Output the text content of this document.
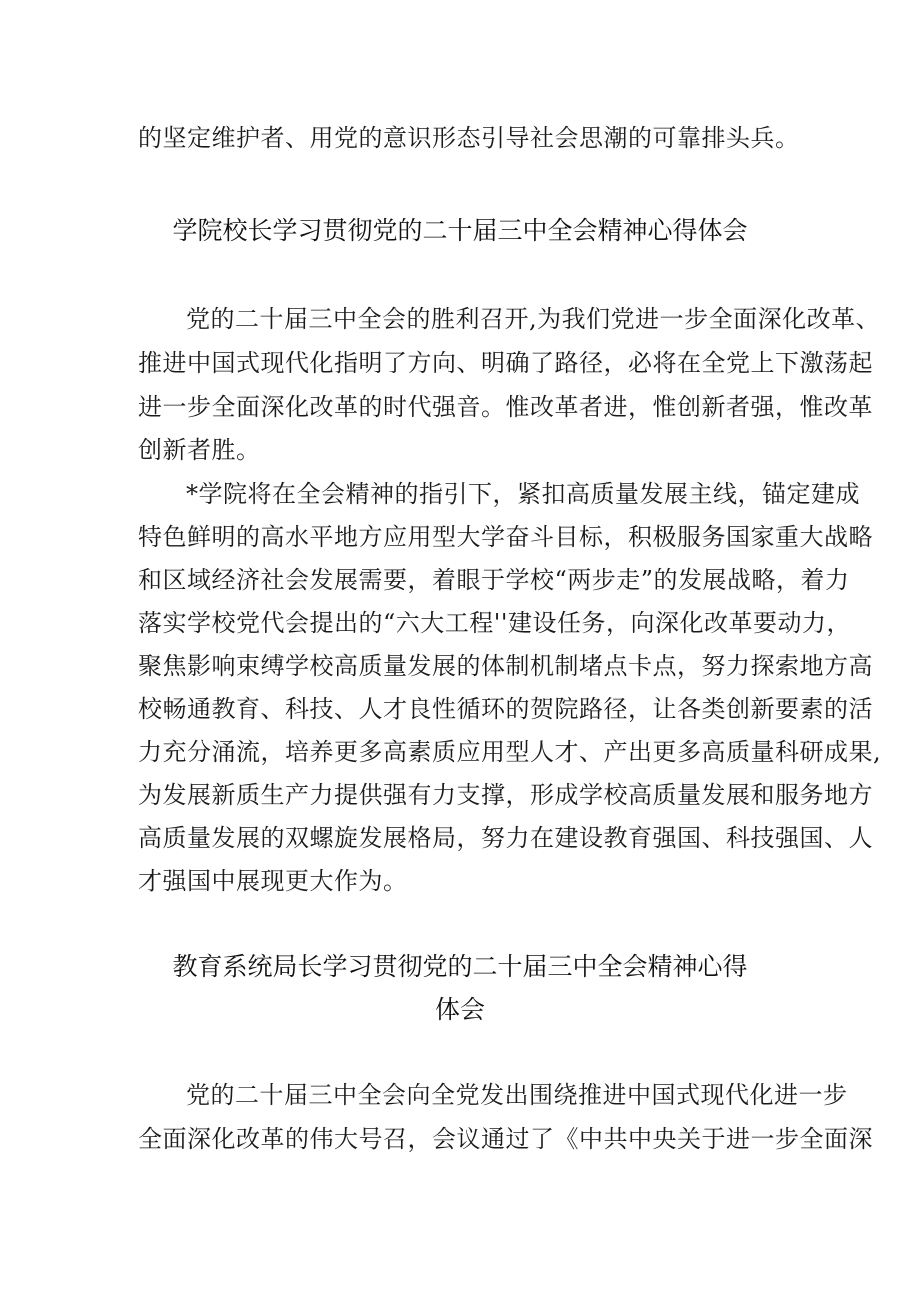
的坚定维护者、用党的意识形态引导社会思潮的可靠排头兵。
学院校长学习贯彻党的二十届三中全会精神心得体会
党的二十届三中全会的胜利召开,为我们党进一步全面深化改革、
推进中国式现代化指明了方向、明确了路径，必将在全党上下激荡起
进一步全面深化改革的时代强音。惟改革者进，惟创新者强，惟改革
创新者胜。
*学院将在全会精神的指引下，紧扣高质量发展主线，锚定建成
特色鲜明的高水平地方应用型大学奋斗目标，积极服务国家重大战略
和区域经济社会发展需要，着眼于学校“两步走”的发展战略，着力
落实学校党代会提出的“六大工程''建设任务，向深化改革要动力，
聚焦影响束缚学校高质量发展的体制机制堵点卡点，努力探索地方高
校畅通教育、科技、人才良性循环的贺院路径，让各类创新要素的活
力充分涌流，培养更多高素质应用型人才、产出更多高质量科研成果,
为发展新质生产力提供强有力支撑，形成学校高质量发展和服务地方
高质量发展的双螺旋发展格局，努力在建设教育强国、科技强国、人
才强国中展现更大作为。
教育系统局长学习贯彻党的二十届三中全会精神心得
体会
党的二十届三中全会向全党发出围绕推进中国式现代化进一步
全面深化改革的伟大号召，会议通过了《中共中央关于进一步全面深
